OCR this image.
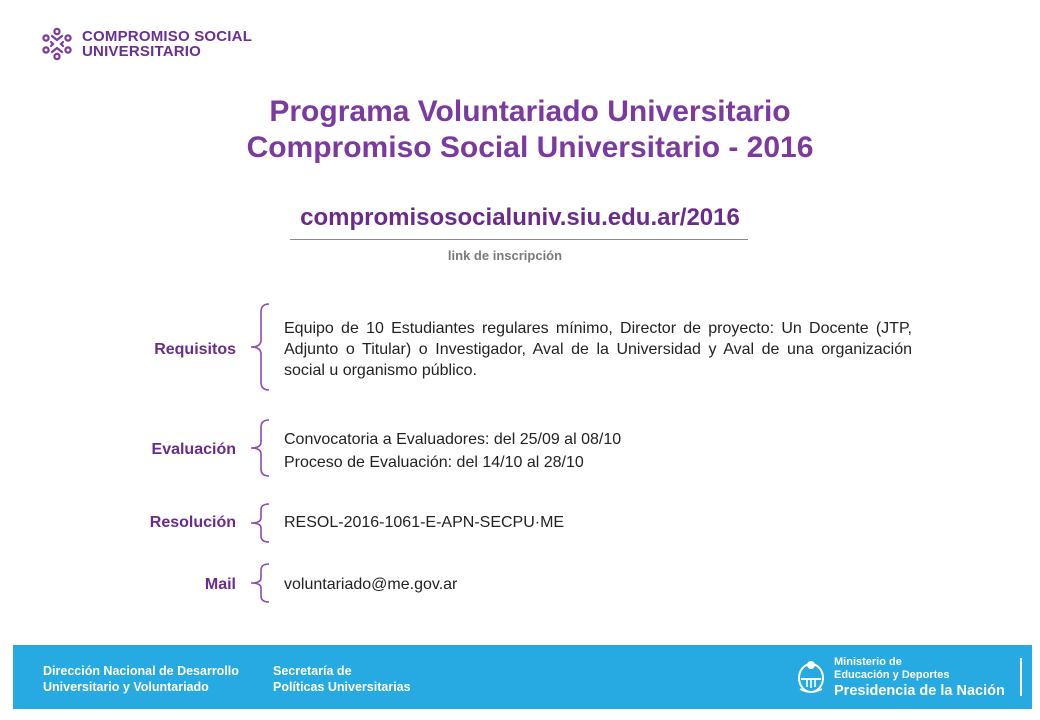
COMPROMISO SOCIAL
UNIVERSITARIO
Programa Voluntariado Universitario
Compromiso Social Universitario - 2016
compromisosocialuniv.siu.edu.ar/2016
link de inscripción
Requisitos
Equipo de 10 Estudiantes regulares mínimo, Director de proyecto: Un Docente (JTP, Adjunto o Titular) o Investigador, Aval de la Universidad y Aval de una organización social u organismo público.
Evaluación
Convocatoria a Evaluadores: del 25/09 al 08/10
Proceso de Evaluación: del 14/10 al 28/10
Resolución	RESOL-2016-1061-E-APN-SECPU·ME
Mail	voluntariado@me.gov.ar
Dirección Nacional de Desarrollo
Universitario y Voluntariado
Secretaría de
Políticas Universitarias
Ministerio de
Educación y Deportes
Presidencia de la Nación
